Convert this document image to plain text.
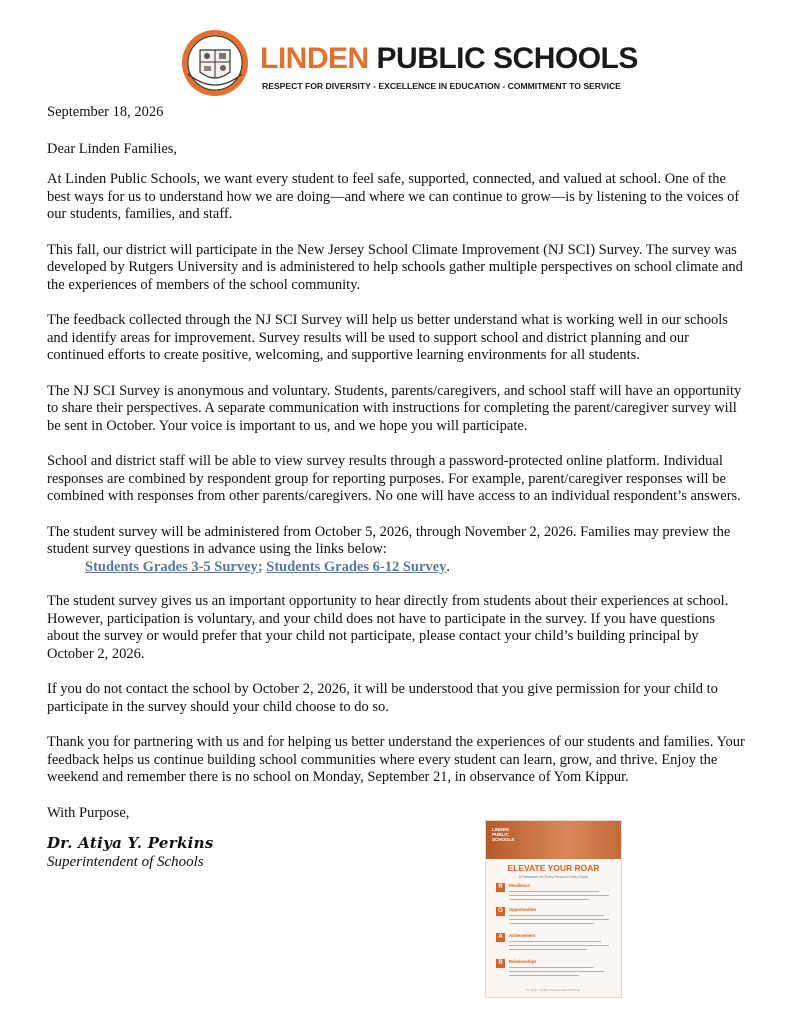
LINDEN PUBLIC SCHOOLS
RESPECT FOR DIVERSITY - EXCELLENCE IN EDUCATION - COMMITMENT TO SERVICE

September 18, 2026

Dear Linden Families,

At Linden Public Schools, we want every student to feel safe, supported, connected, and valued at school. One of the best ways for us to understand how we are doing—and where we can continue to grow—is by listening to the voices of our students, families, and staff.

This fall, our district will participate in the New Jersey School Climate Improvement (NJ SCI) Survey. The survey was developed by Rutgers University and is administered to help schools gather multiple perspectives on school climate and the experiences of members of the school community.

The feedback collected through the NJ SCI Survey will help us better understand what is working well in our schools and identify areas for improvement. Survey results will be used to support school and district planning and our continued efforts to create positive, welcoming, and supportive learning environments for all students.

The NJ SCI Survey is anonymous and voluntary. Students, parents/caregivers, and school staff will have an opportunity to share their perspectives. A separate communication with instructions for completing the parent/caregiver survey will be sent in October. Your voice is important to us, and we hope you will participate.

School and district staff will be able to view survey results through a password-protected online platform. Individual responses are combined by respondent group for reporting purposes. For example, parent/caregiver responses will be combined with responses from other parents/caregivers. No one will have access to an individual respondent’s answers.

The student survey will be administered from October 5, 2026, through November 2, 2026. Families may preview the student survey questions in advance using the links below:

Students Grades 3-5 Survey; Students Grades 6-12 Survey.

The student survey gives us an important opportunity to hear directly from students about their experiences at school. However, participation is voluntary, and your child does not have to participate in the survey. If you have questions about the survey or would prefer that your child not participate, please contact your child’s building principal by October 2, 2026.

If you do not contact the school by October 2, 2026, it will be understood that you give permission for your child to participate in the survey should your child choose to do so.

Thank you for partnering with us and for helping us better understand the experiences of our students and families. Your feedback helps us continue building school communities where every student can learn, grow, and thrive. Enjoy the weekend and remember there is no school on Monday, September 21, in observance of Yom Kippur.

With Purpose,

Dr. Atiya Y. Perkins
Superintendent of Schools
LINDEN PUBLIC SCHOOLS
ELEVATE YOUR ROAR
A Framework for Every Person in Every Room
R	Resilience
O	Opportunities
A	Achievement
R	Relationships
Dr. Atiya Y. Perkins, Superintendent of Schools
